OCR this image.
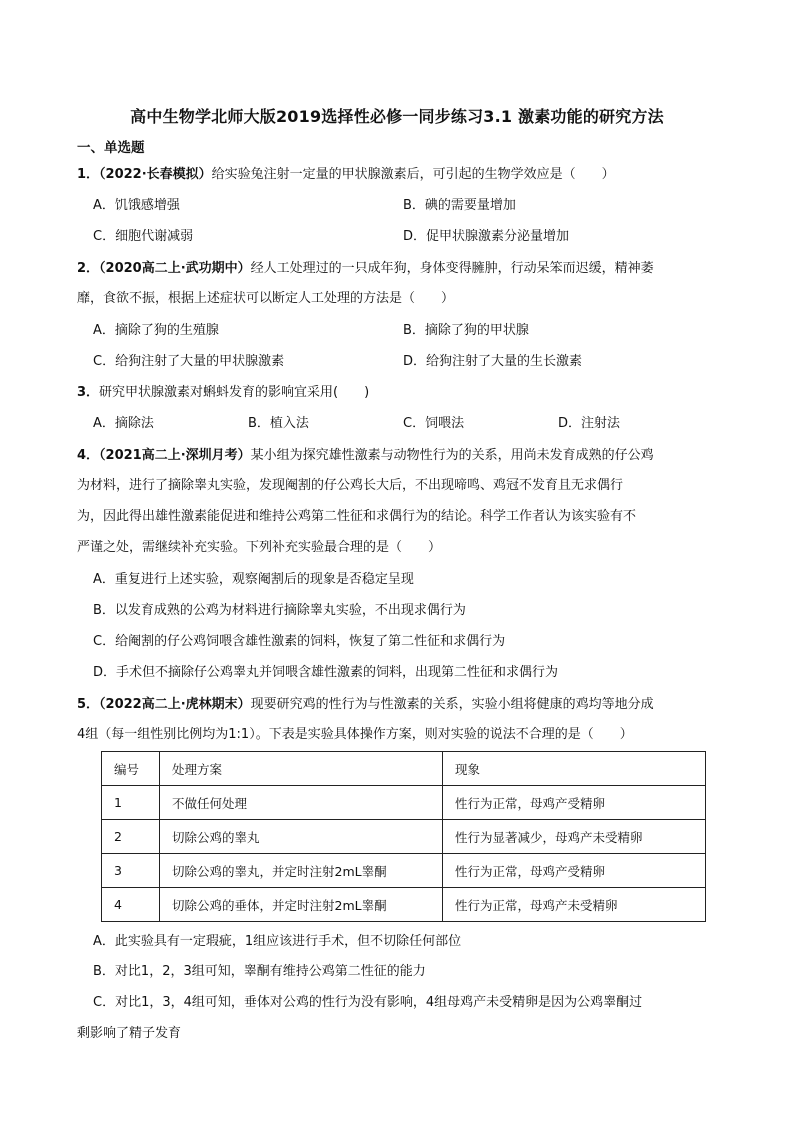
高中生物学北师大版2019选择性必修一同步练习3.1 激素功能的研究方法
一、单选题
1．（2022·长春模拟）给实验兔注射一定量的甲状腺激素后，可引起的生物学效应是（　　）
A．饥饿感增强	B．碘的需要量增加
C．细胞代谢减弱	D．促甲状腺激素分泌量增加
2．（2020高二上·武功期中）经人工处理过的一只成年狗，身体变得臃肿，行动呆笨而迟缓，精神萎
靡，食欲不振，根据上述症状可以断定人工处理的方法是（　　）
A．摘除了狗的生殖腺	B．摘除了狗的甲状腺
C．给狗注射了大量的甲状腺激素	D．给狗注射了大量的生长激素
3．研究甲状腺激素对蝌蚪发育的影响宜采用(　　)
A．摘除法	B．植入法	C．饲喂法	D．注射法
4．（2021高二上·深圳月考）某小组为探究雄性激素与动物性行为的关系，用尚未发育成熟的仔公鸡
为材料，进行了摘除睾丸实验，发现阉割的仔公鸡长大后，不出现啼鸣、鸡冠不发育且无求偶行
为，因此得出雄性激素能促进和维持公鸡第二性征和求偶行为的结论。科学工作者认为该实验有不
严谨之处，需继续补充实验。下列补充实验最合理的是（　　）
A．重复进行上述实验，观察阉割后的现象是否稳定呈现
B．以发育成熟的公鸡为材料进行摘除睾丸实验，不出现求偶行为
C．给阉割的仔公鸡饲喂含雄性激素的饲料，恢复了第二性征和求偶行为
D．手术但不摘除仔公鸡睾丸并饲喂含雄性激素的饲料，出现第二性征和求偶行为
5．（2022高二上·虎林期末）现要研究鸡的性行为与性激素的关系，实验小组将健康的鸡均等地分成
4组（每一组性别比例均为1:1）。下表是实验具体操作方案，则对实验的说法不合理的是（　　）
编号	处理方案	现象
1	不做任何处理	性行为正常，母鸡产受精卵
2	切除公鸡的睾丸	性行为显著减少，母鸡产未受精卵
3	切除公鸡的睾丸，并定时注射2mL睾酮	性行为正常，母鸡产受精卵
4	切除公鸡的垂体，并定时注射2mL睾酮	性行为正常，母鸡产未受精卵
A．此实验具有一定瑕疵，1组应该进行手术，但不切除任何部位
B．对比1，2，3组可知，睾酮有维持公鸡第二性征的能力
C．对比1，3，4组可知，垂体对公鸡的性行为没有影响，4组母鸡产未受精卵是因为公鸡睾酮过
剩影响了精子发育
